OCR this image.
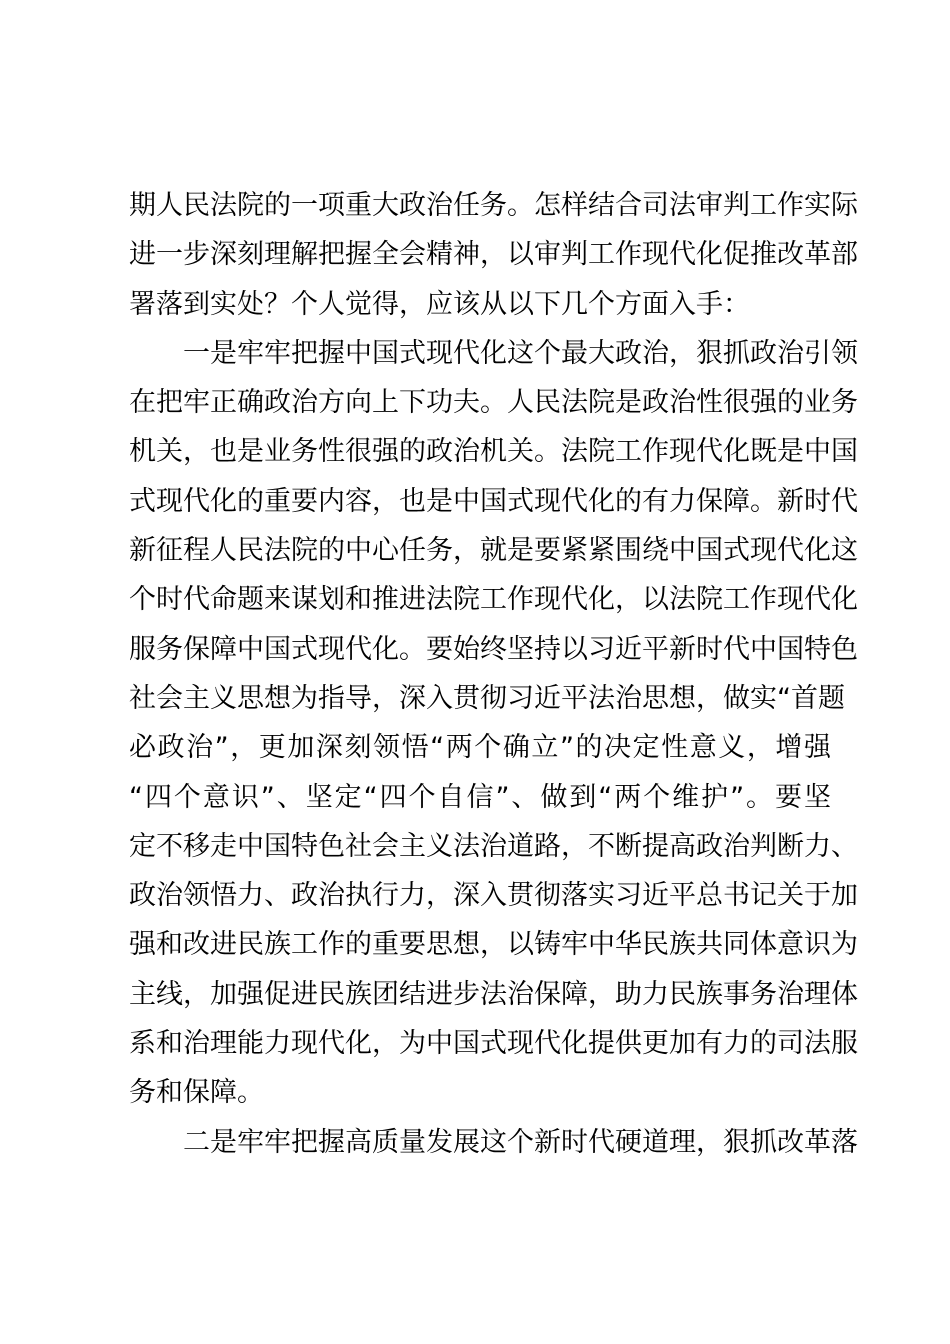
期人民法院的一项重大政治任务。怎样结合司法审判工作实际
进一步深刻理解把握全会精神，以审判工作现代化促推改革部
署落到实处？个人觉得，应该从以下几个方面入手：
一是牢牢把握中国式现代化这个最大政治，狠抓政治引领
在把牢正确政治方向上下功夫。人民法院是政治性很强的业务
机关，也是业务性很强的政治机关。法院工作现代化既是中国
式现代化的重要内容，也是中国式现代化的有力保障。新时代
新征程人民法院的中心任务，就是要紧紧围绕中国式现代化这
个时代命题来谋划和推进法院工作现代化，以法院工作现代化
服务保障中国式现代化。要始终坚持以习近平新时代中国特色
社会主义思想为指导，深入贯彻习近平法治思想，做实“首题
必政治”，更加深刻领悟“两个确立”的决定性意义，增强
“四个意识”、坚定“四个自信”、做到“两个维护”。要坚
定不移走中国特色社会主义法治道路，不断提高政治判断力、
政治领悟力、政治执行力，深入贯彻落实习近平总书记关于加
强和改进民族工作的重要思想，以铸牢中华民族共同体意识为
主线，加强促进民族团结进步法治保障，助力民族事务治理体
系和治理能力现代化，为中国式现代化提供更加有力的司法服
务和保障。
二是牢牢把握高质量发展这个新时代硬道理，狠抓改革落
